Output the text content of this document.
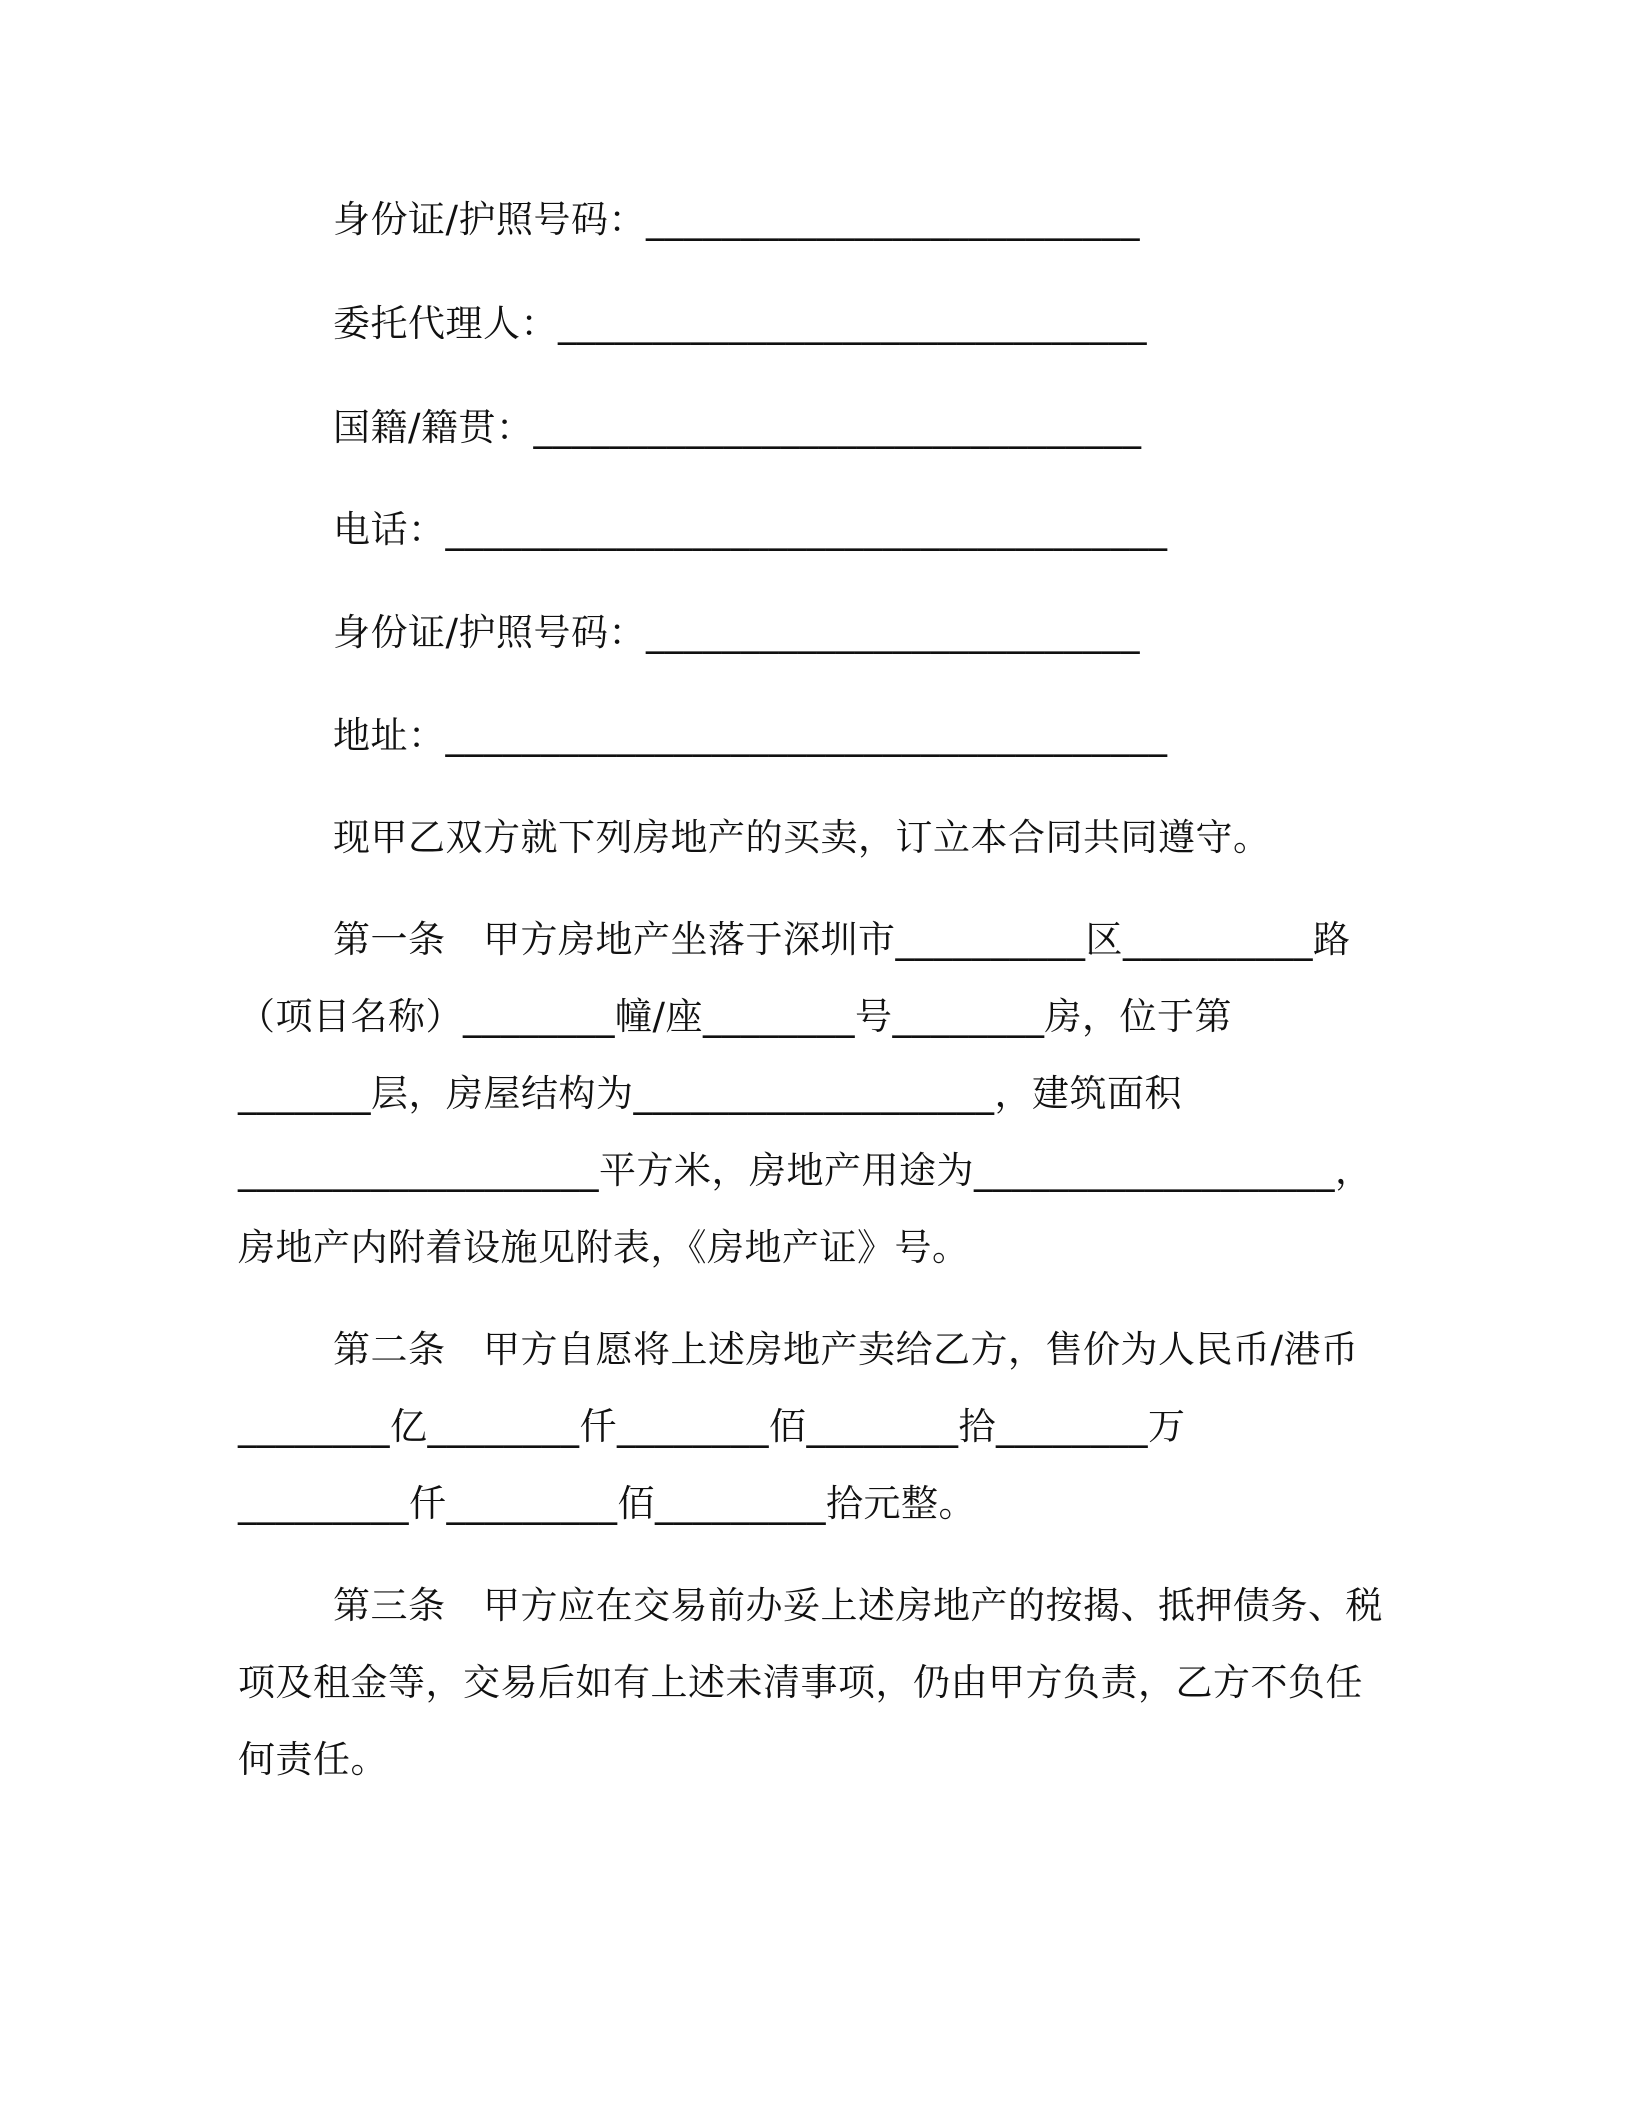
身份证/护照号码：__________________________
委托代理人：_______________________________
国籍/籍贯：________________________________
电话：______________________________________
身份证/护照号码：__________________________
地址：______________________________________
现甲乙双方就下列房地产的买卖，订立本合同共同遵守。
第一条　甲方房地产坐落于深圳市__________区__________路
（项目名称）________幢/座________号________房，位于第
_______层，房屋结构为___________________，建筑面积
___________________平方米，房地产用途为___________________，
房地产内附着设施见附表，《房地产证》号。
第二条　甲方自愿将上述房地产卖给乙方，售价为人民币/港币
________亿________仟________佰________拾________万
_________仟_________佰_________拾元整。
第三条　甲方应在交易前办妥上述房地产的按揭、抵押债务、税
项及租金等，交易后如有上述未清事项，仍由甲方负责，乙方不负任
何责任。
